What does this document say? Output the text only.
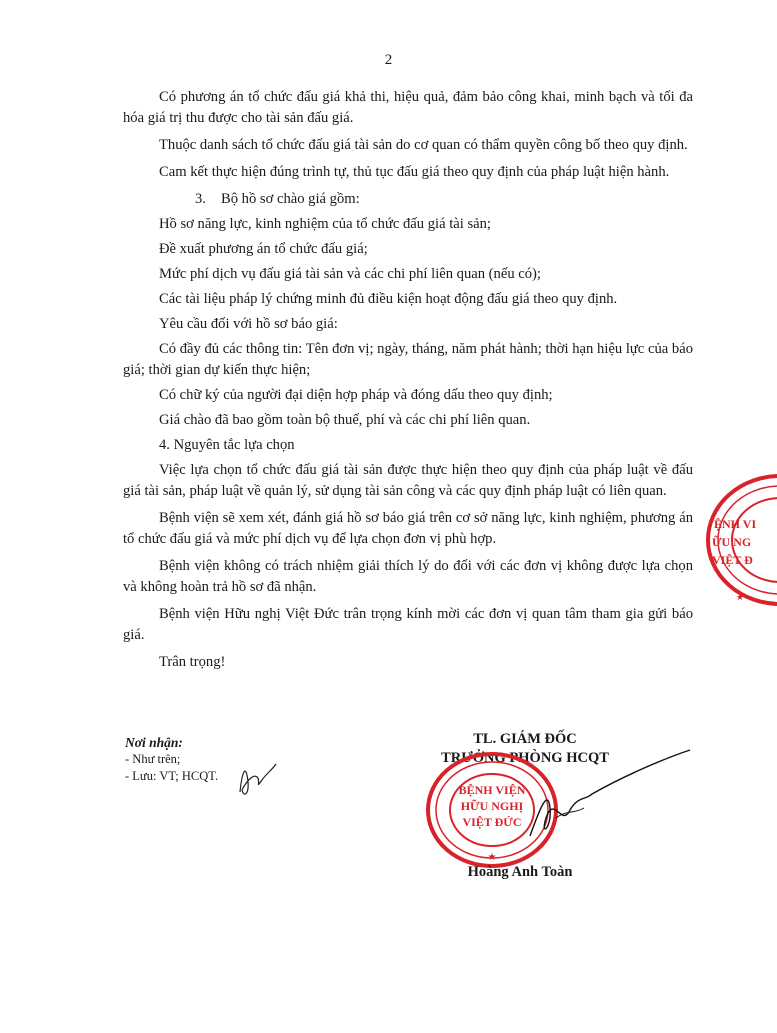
2

Có phương án tổ chức đấu giá khả thi, hiệu quả, đảm bảo công khai, minh bạch và tối đa hóa giá trị thu được cho tài sản đấu giá.

Thuộc danh sách tổ chức đấu giá tài sản do cơ quan có thẩm quyền công bố theo quy định.

Cam kết thực hiện đúng trình tự, thủ tục đấu giá theo quy định của pháp luật hiện hành.

3. Bộ hồ sơ chào giá gồm:

Hồ sơ năng lực, kinh nghiệm của tổ chức đấu giá tài sản;

Đề xuất phương án tổ chức đấu giá;

Mức phí dịch vụ đấu giá tài sản và các chi phí liên quan (nếu có);

Các tài liệu pháp lý chứng minh đủ điều kiện hoạt động đấu giá theo quy định.

Yêu cầu đối với hồ sơ báo giá:

Có đầy đủ các thông tin: Tên đơn vị; ngày, tháng, năm phát hành; thời hạn hiệu lực của báo giá; thời gian dự kiến thực hiện;

Có chữ ký của người đại diện hợp pháp và đóng dấu theo quy định;

Giá chào đã bao gồm toàn bộ thuế, phí và các chi phí liên quan.

4. Nguyên tắc lựa chọn

Việc lựa chọn tổ chức đấu giá tài sản được thực hiện theo quy định của pháp luật về đấu giá tài sản, pháp luật về quản lý, sử dụng tài sản công và các quy định pháp luật có liên quan.

Bệnh viện sẽ xem xét, đánh giá hồ sơ báo giá trên cơ sở năng lực, kinh nghiệm, phương án tổ chức đấu giá và mức phí dịch vụ để lựa chọn đơn vị phù hợp.

Bệnh viện không có trách nhiệm giải thích lý do đối với các đơn vị không được lựa chọn và không hoàn trả hồ sơ đã nhận.

Bệnh viện Hữu nghị Việt Đức trân trọng kính mời các đơn vị quan tâm tham gia gửi báo giá.

Trân trọng!

Nơi nhận:
- Như trên;
- Lưu: VT; HCQT.
TL. GIÁM ĐỐC
TRƯỞNG PHÒNG HCQT
BỆNH VIỆN
HỮU NGHỊ
VIỆT ĐỨC
★
Hoàng Anh Toàn
ỆNH VI
ỮU NG
VIỆT Đ
★
